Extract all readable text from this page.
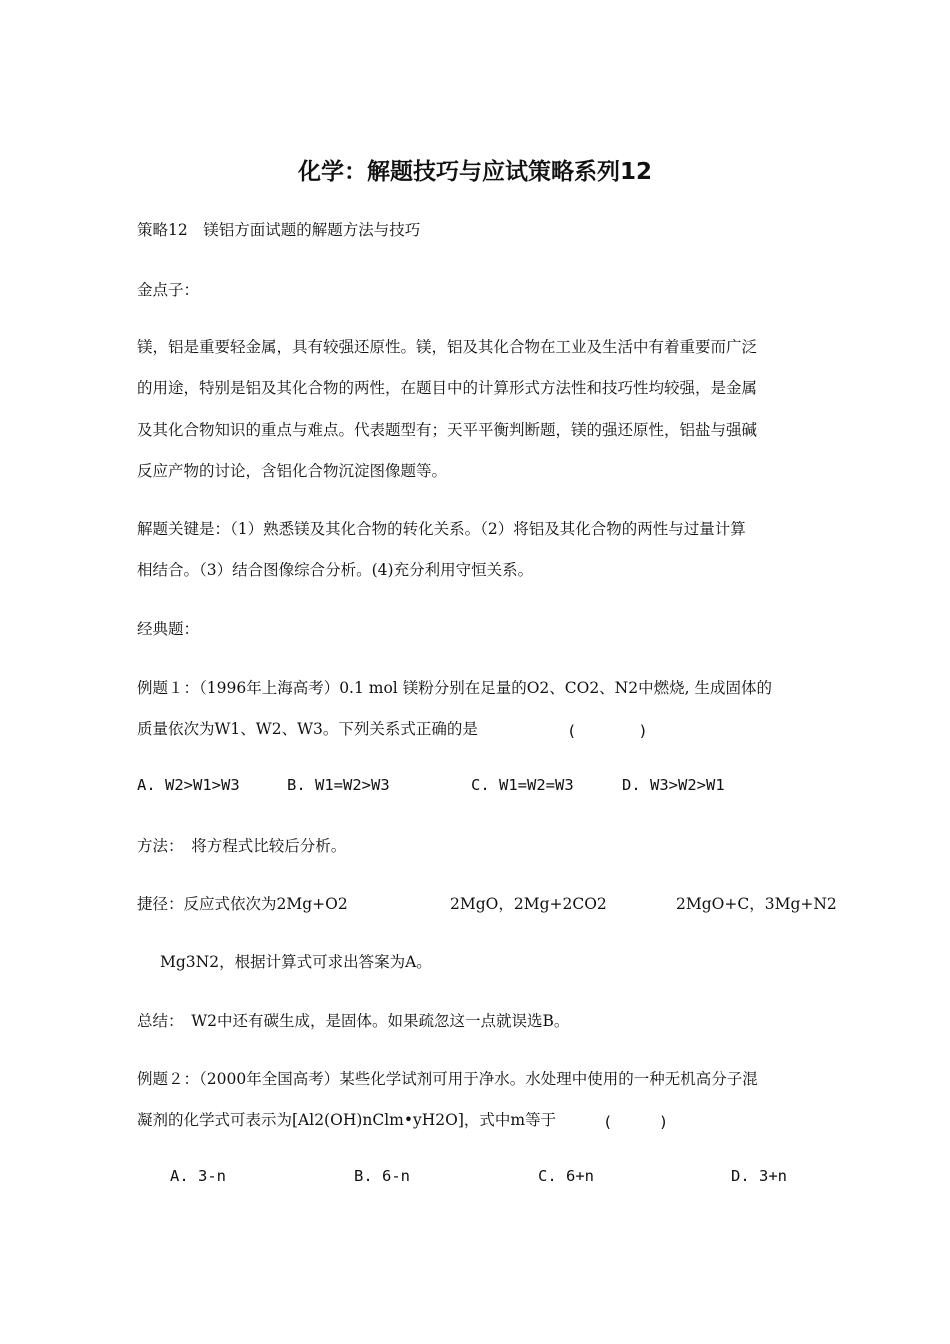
化学：解题技巧与应试策略系列12
策略12　镁铝方面试题的解题方法与技巧
金点子：
镁，铝是重要轻金属，具有较强还原性。镁，铝及其化合物在工业及生活中有着重要而广泛
的用途，特别是铝及其化合物的两性，在题目中的计算形式方法性和技巧性均较强，是金属
及其化合物知识的重点与难点。代表题型有；天平平衡判断题，镁的强还原性，铝盐与强碱
反应产物的讨论，含铝化合物沉淀图像题等。
解题关键是：（1）熟悉镁及其化合物的转化关系。（2）将铝及其化合物的两性与过量计算
相结合。（3）结合图像综合分析。(4)充分利用守恒关系。
经典题：
例题１：（1996年上海高考）0.1 mol 镁粉分别在足量的O2、CO2、N2中燃烧, 生成固体的
质量依次为W1、W2、W3。下列关系式正确的是	(　　　　)
A. W2>W1>W3	B. W1=W2>W3	C. W1=W2=W3	D. W3>W2>W1
方法：　将方程式比较后分析。
捷径：反应式依次为2Mg+O2	2MgO，2Mg+2CO2	2MgO+C，3Mg+N2
Mg3N2，根据计算式可求出答案为A。
总结：　W2中还有碳生成，是固体。如果疏忽这一点就误选B。
例题２：（2000年全国高考）某些化学试剂可用于净水。水处理中使用的一种无机高分子混
凝剂的化学式可表示为[Al2(OH)nClm•yH2O]，式中m等于	(　　　)
A. 3-n	B. 6-n	C. 6+n	D. 3+n
